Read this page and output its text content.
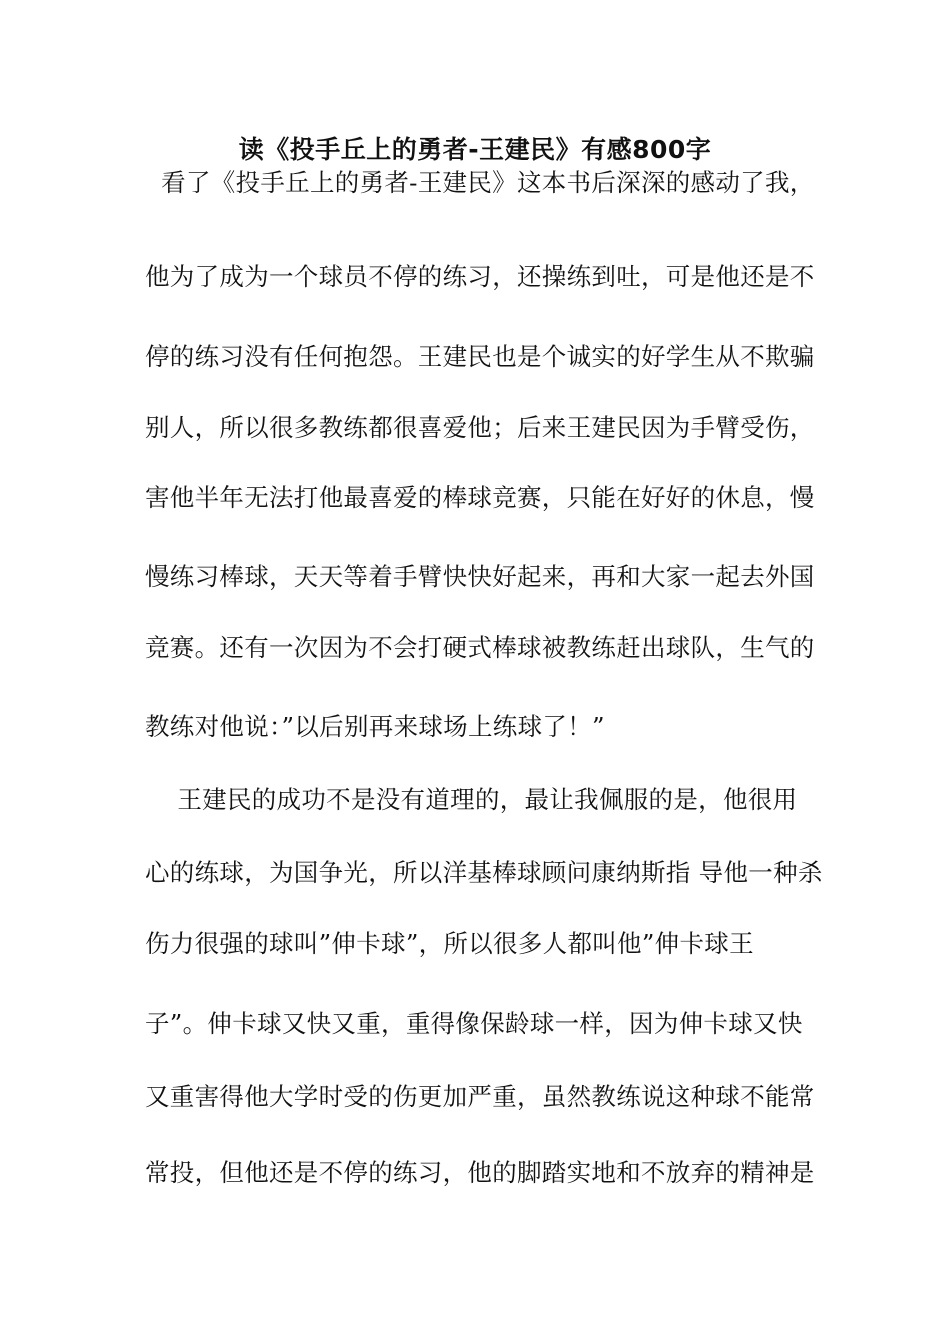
读《投手丘上的勇者-王建民》有感800字
看了《投手丘上的勇者-王建民》这本书后深深的感动了我，
他为了成为一个球员不停的练习，还操练到吐，可是他还是不
停的练习没有任何抱怨。王建民也是个诚实的好学生从不欺骗
别人，所以很多教练都很喜爱他；后来王建民因为手臂受伤，
害他半年无法打他最喜爱的棒球竞赛，只能在好好的休息，慢
慢练习棒球，天天等着手臂快快好起来，再和大家一起去外国
竞赛。还有一次因为不会打硬式棒球被教练赶出球队，生气的
教练对他说：”以后别再来球场上练球了！”
王建民的成功不是没有道理的，最让我佩服的是，他很用
心的练球，为国争光，所以洋基棒球顾问康纳斯指 导他一种杀
伤力很强的球叫”伸卡球”，所以很多人都叫他”伸卡球王
子”。伸卡球又快又重，重得像保龄球一样，因为伸卡球又快
又重害得他大学时受的伤更加严重，虽然教练说这种球不能常
常投，但他还是不停的练习，他的脚踏实地和不放弃的精神是
